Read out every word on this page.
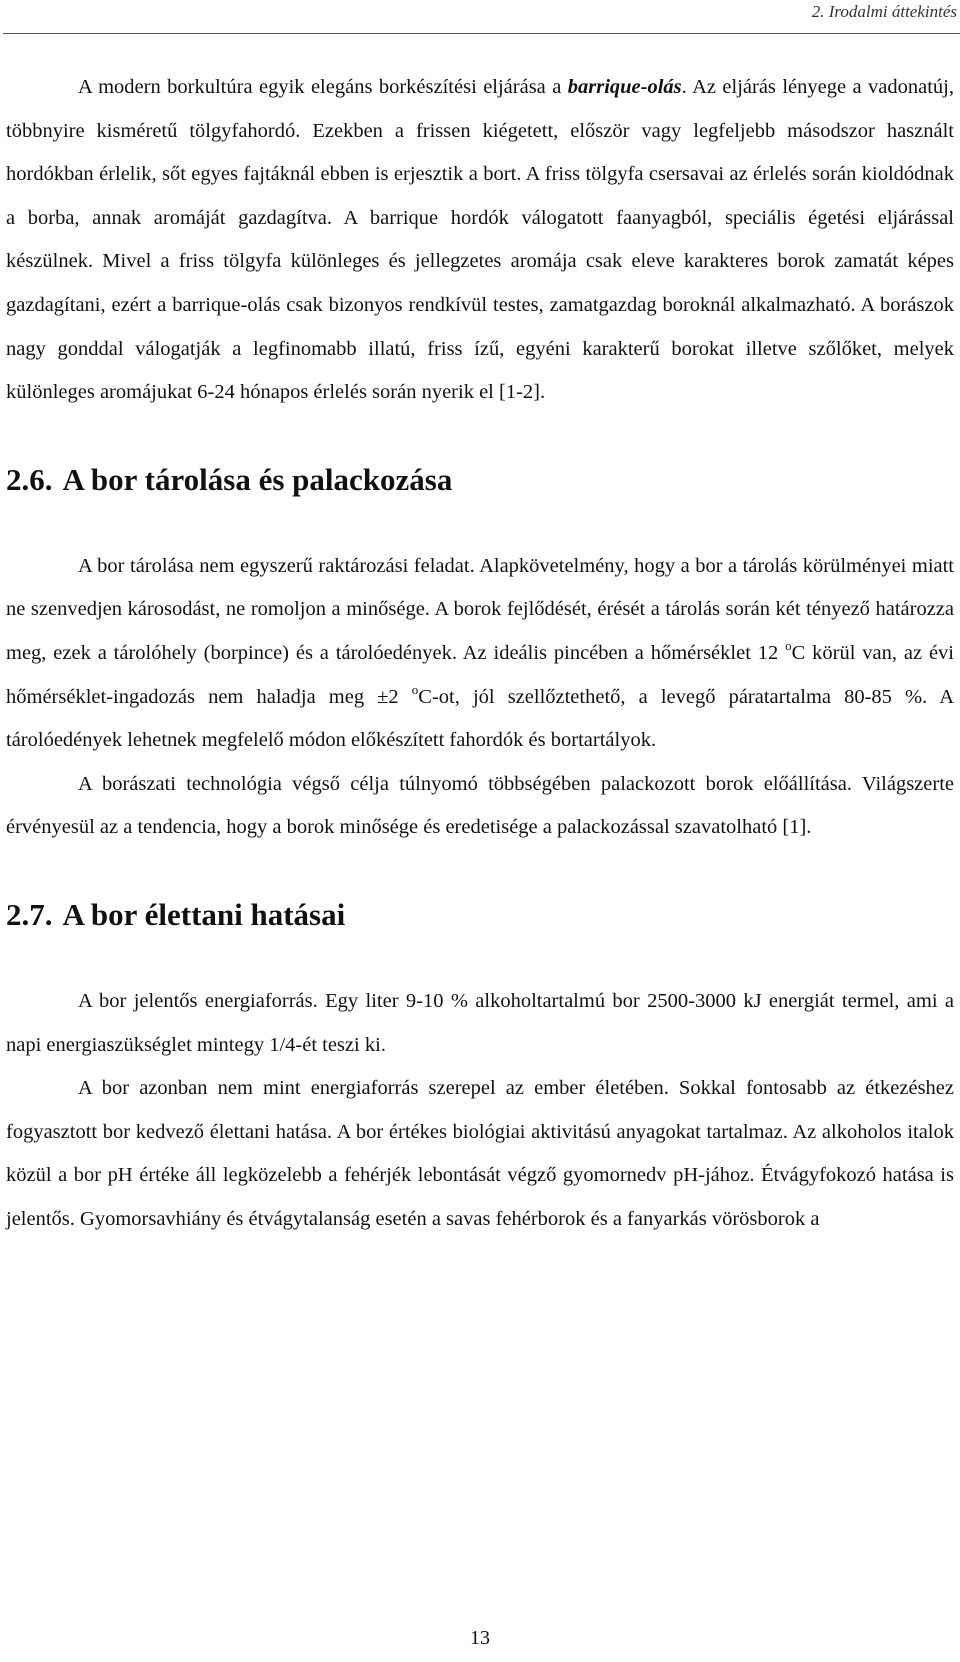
2. Irodalmi áttekintés

A modern borkultúra egyik elegáns borkészítési eljárása a barrique-olás. Az eljárás lényege a vadonatúj, többnyire kisméretű tölgyfahordó. Ezekben a frissen kiégetett, először vagy legfeljebb másodszor használt hordókban érlelik, sőt egyes fajtáknál ebben is erjesztik a bort. A friss tölgyfa csersavai az érlelés során kioldódnak a borba, annak aromáját gazdagítva. A barrique hordók válogatott faanyagból, speciális égetési eljárással készülnek. Mivel a friss tölgyfa különleges és jellegzetes aromája csak eleve karakteres borok zamatát képes gazdagítani, ezért a barrique-olás csak bizonyos rendkívül testes, zamatgazdag boroknál alkalmazható. A borászok nagy gonddal válogatják a legfinomabb illatú, friss ízű, egyéni karakterű borokat illetve szőlőket, melyek különleges aromájukat 6-24 hónapos érlelés során nyerik el [1-2].

2.6. A bor tárolása és palackozása

A bor tárolása nem egyszerű raktározási feladat. Alapkövetelmény, hogy a bor a tárolás körülményei miatt ne szenvedjen károsodást, ne romoljon a minősége. A borok fejlődését, érését a tárolás során két tényező határozza meg, ezek a tárolóhely (borpince) és a tárolóedények. Az ideális pincében a hőmérséklet 12 $^o$C körül van, az évi hőmérséklet-ingadozás nem haladja meg ±2 $^o$C-ot, jól szellőztethető, a levegő páratartalma 80-85 %. A tárolóedények lehetnek megfelelő módon előkészített fahordók és bortartályok.

A borászati technológia végső célja túlnyomó többségében palackozott borok előállítása. Világszerte érvényesül az a tendencia, hogy a borok minősége és eredetisége a palackozással szavatolható [1].

2.7. A bor élettani hatásai

A bor jelentős energiaforrás. Egy liter 9-10 % alkoholtartalmú bor 2500-3000 kJ energiát termel, ami a napi energiaszükséglet mintegy 1/4-ét teszi ki.

A bor azonban nem mint energiaforrás szerepel az ember életében. Sokkal fontosabb az étkezéshez fogyasztott bor kedvező élettani hatása. A bor értékes biológiai aktivitású anyagokat tartalmaz. Az alkoholos italok közül a bor pH értéke áll legközelebb a fehérjék lebontását végző gyomornedv pH-jához. Étvágyfokozó hatása is jelentős. Gyomorsavhiány és étvágytalanság esetén a savas fehérborok és a fanyarkás vörösborok a

13
